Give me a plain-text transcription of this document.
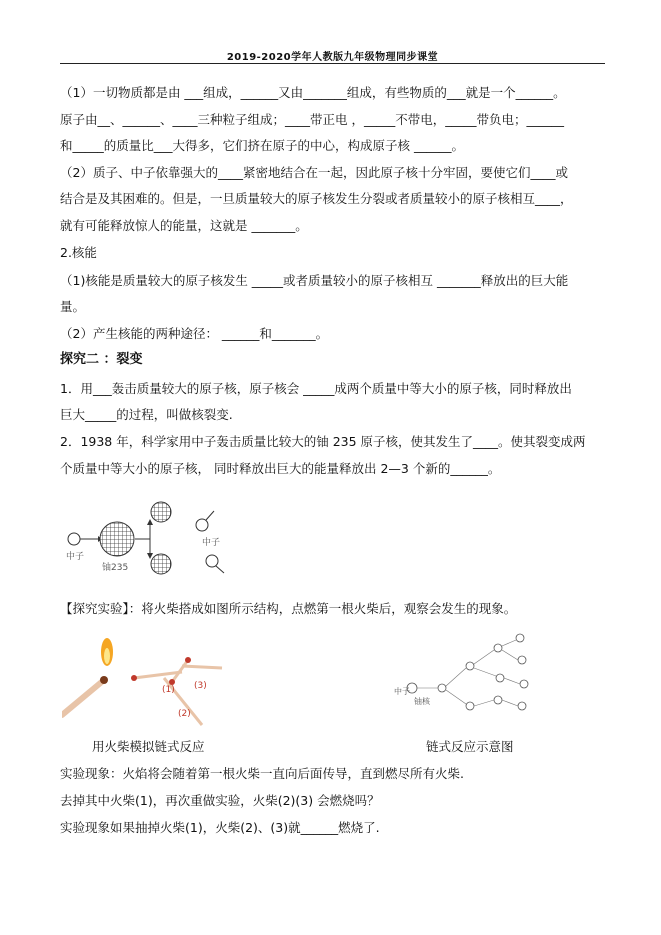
2019-2020学年人教版九年级物理同步课堂
（1）一切物质都是由 ___组成，______又由_______组成，有些物质的___就是一个______。
原子由__、______、____三种粒子组成；____带正电 ，_____不带电，_____带负电；______
和_____的质量比___大得多，它们挤在原子的中心，构成原子核 ______。
（2）质子、中子依靠强大的____紧密地结合在一起，因此原子核十分牢固，要使它们____或
结合是及其困难的。但是，一旦质量较大的原子核发生分裂或者质量较小的原子核相互____，
就有可能释放惊人的能量，这就是 _______。
2.核能
（1)核能是质量较大的原子核发生 _____或者质量较小的原子核相互 _______释放出的巨大能
量。
（2）产生核能的两种途径： ______和_______。
探究二 ：裂变
1．用___轰击质量较大的原子核，原子核会 _____成两个质量中等大小的原子核，同时释放出
巨大_____的过程，叫做核裂变.
2．1938 年，科学家用中子轰击质量比较大的铀 235 原子核，使其发生了____。使其裂变成两
个质量中等大小的原子核， 同时释放出巨大的能量释放出 2—3 个新的______。
中子
铀235
中子
【探究实验】：将火柴搭成如图所示结构，点燃第一根火柴后，观察会发生的现象。
(1)
(2)
(3)
中子
铀核
用火柴模拟链式反应	链式反应示意图
实验现象：火焰将会随着第一根火柴一直向后面传导，直到燃尽所有火柴.
去掉其中火柴(1)，再次重做实验，火柴(2)(3) 会燃烧吗？
实验现象如果抽掉火柴(1)，火柴(2)、(3)就______燃烧了.
